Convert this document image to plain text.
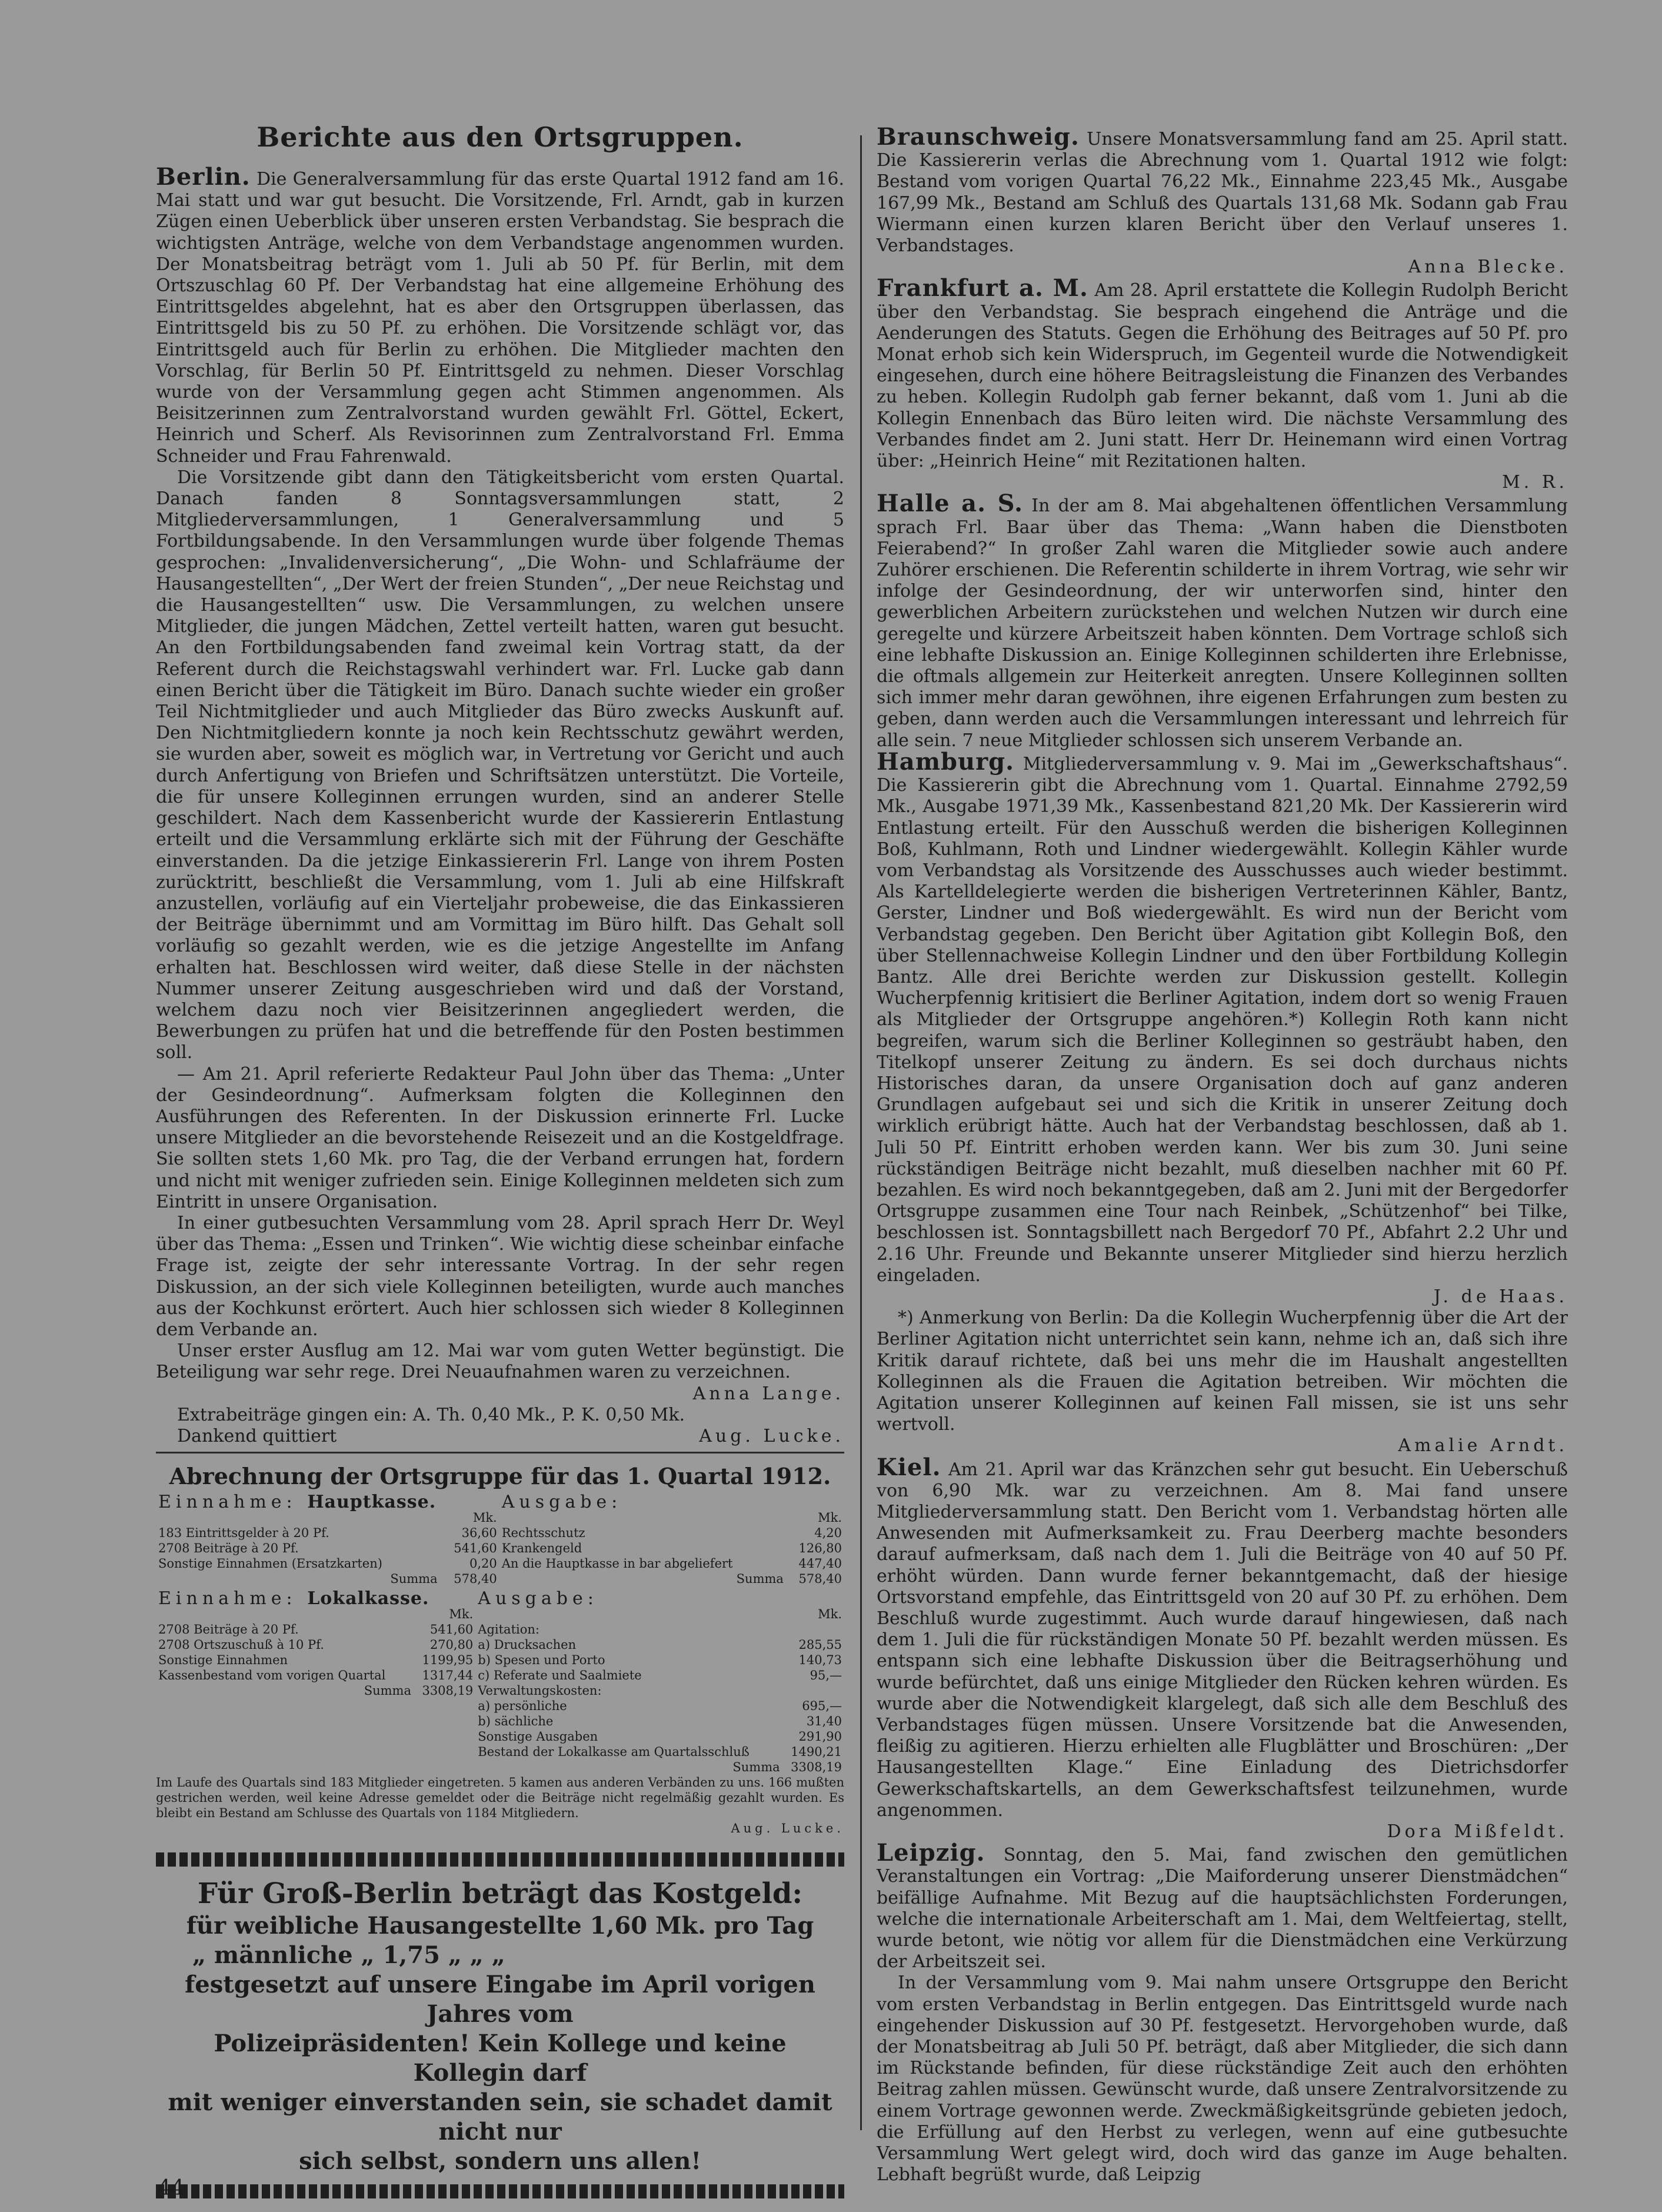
Berichte aus den Ortsgruppen.

Berlin. Die Generalversammlung für das erste Quartal 1912 fand am 16. Mai statt und war gut besucht. Die Vorsitzende, Frl. Arndt, gab in kurzen Zügen einen Ueberblick über unseren ersten Verbandstag. Sie besprach die wichtigsten Anträge, welche von dem Verbandstage angenommen wurden. Der Monatsbeitrag beträgt vom 1. Juli ab 50 Pf. für Berlin, mit dem Ortszuschlag 60 Pf. Der Verbandstag hat eine allgemeine Erhöhung des Eintrittsgeldes abgelehnt, hat es aber den Ortsgruppen überlassen, das Eintrittsgeld bis zu 50 Pf. zu erhöhen. Die Vorsitzende schlägt vor, das Eintrittsgeld auch für Berlin zu erhöhen. Die Mitglieder machten den Vorschlag, für Berlin 50 Pf. Eintrittsgeld zu nehmen. Dieser Vorschlag wurde von der Versammlung gegen acht Stimmen angenommen. Als Beisitzerinnen zum Zentralvorstand wurden gewählt Frl. Göttel, Eckert, Heinrich und Scherf. Als Revisorinnen zum Zentralvorstand Frl. Emma Schneider und Frau Fahrenwald.

Die Vorsitzende gibt dann den Tätigkeitsbericht vom ersten Quartal. Danach fanden 8 Sonntagsversammlungen statt, 2 Mitgliederversammlungen, 1 Generalversammlung und 5 Fortbildungsabende. In den Versammlungen wurde über folgende Themas gesprochen: „Invalidenversicherung“, „Die Wohn- und Schlafräume der Hausangestellten“, „Der Wert der freien Stunden“, „Der neue Reichstag und die Hausangestellten“ usw. Die Versammlungen, zu welchen unsere Mitglieder, die jungen Mädchen, Zettel verteilt hatten, waren gut besucht. An den Fortbildungsabenden fand zweimal kein Vortrag statt, da der Referent durch die Reichstagswahl verhindert war. Frl. Lucke gab dann einen Bericht über die Tätigkeit im Büro. Danach suchte wieder ein großer Teil Nichtmitglieder und auch Mitglieder das Büro zwecks Auskunft auf. Den Nichtmitgliedern konnte ja noch kein Rechtsschutz gewährt werden, sie wurden aber, soweit es möglich war, in Vertretung vor Gericht und auch durch Anfertigung von Briefen und Schriftsätzen unterstützt. Die Vorteile, die für unsere Kolleginnen errungen wurden, sind an anderer Stelle geschildert. Nach dem Kassenbericht wurde der Kassiererin Entlastung erteilt und die Versammlung erklärte sich mit der Führung der Geschäfte einverstanden. Da die jetzige Einkassiererin Frl. Lange von ihrem Posten zurücktritt, beschließt die Versammlung, vom 1. Juli ab eine Hilfskraft anzustellen, vorläufig auf ein Vierteljahr probeweise, die das Einkassieren der Beiträge übernimmt und am Vormittag im Büro hilft. Das Gehalt soll vorläufig so gezahlt werden, wie es die jetzige Angestellte im Anfang erhalten hat. Beschlossen wird weiter, daß diese Stelle in der nächsten Nummer unserer Zeitung ausgeschrieben wird und daß der Vorstand, welchem dazu noch vier Beisitzerinnen angegliedert werden, die Bewerbungen zu prüfen hat und die betreffende für den Posten bestimmen soll.

— Am 21. April referierte Redakteur Paul John über das Thema: „Unter der Gesindeordnung“. Aufmerksam folgten die Kolleginnen den Ausführungen des Referenten. In der Diskussion erinnerte Frl. Lucke unsere Mitglieder an die bevorstehende Reisezeit und an die Kostgeldfrage. Sie sollten stets 1,60 Mk. pro Tag, die der Verband errungen hat, fordern und nicht mit weniger zufrieden sein. Einige Kolleginnen meldeten sich zum Eintritt in unsere Organisation.

In einer gutbesuchten Versammlung vom 28. April sprach Herr Dr. Weyl über das Thema: „Essen und Trinken“. Wie wichtig diese scheinbar einfache Frage ist, zeigte der sehr interessante Vortrag. In der sehr regen Diskussion, an der sich viele Kolleginnen beteiligten, wurde auch manches aus der Kochkunst erörtert. Auch hier schlossen sich wieder 8 Kolleginnen dem Verbande an.

Unser erster Ausflug am 12. Mai war vom guten Wetter begünstigt. Die Beteiligung war sehr rege. Drei Neuaufnahmen waren zu verzeichnen.

Anna Lange.

Extrabeiträge gingen ein: A. Th. 0,40 Mk., P. K. 0,50 Mk.

Dankend quittiert	Aug. Lucke.

Abrechnung der Ortsgruppe für das 1. Quartal 1912.
Einnahme: Hauptkasse.		Ausgabe:	
	Mk.		Mk.
183 Eintrittsgelder à 20 Pf.	36,60	Rechtsschutz	4,20
2708 Beiträge à 20 Pf.	541,60	Krankengeld	126,80
Sonstige Einnahmen (Ersatzkarten)	0,20	An die Hauptkasse in bar abgeliefert	447,40
Summa	578,40	Summa	578,40
Einnahme: Lokalkasse.		Ausgabe:	
	Mk.		Mk.
2708 Beiträge à 20 Pf.	541,60	Agitation:	
2708 Ortszuschuß à 10 Pf.	270,80	a) Drucksachen	285,55
Sonstige Einnahmen	1199,95	b) Spesen und Porto	140,73
Kassenbestand vom vorigen Quartal	1317,44	c) Referate und Saalmiete	95,—
Summa	3308,19	Verwaltungskosten:	
		a) persönliche	695,—
		b) sächliche	31,40
		Sonstige Ausgaben	291,90
		Bestand der Lokalkasse am Quartalsschluß	1490,21
		Summa	3308,19

Im Laufe des Quartals sind 183 Mitglieder eingetreten. 5 kamen aus anderen Verbänden zu uns. 166 mußten gestrichen werden, weil keine Adresse gemeldet oder die Beiträge nicht regelmäßig gezahlt wurden. Es bleibt ein Bestand am Schlusse des Quartals von 1184 Mitgliedern.

Aug. Lucke.

Für Groß-Berlin beträgt das Kostgeld:

für weibliche Hausangestellte 1,60 Mk. pro Tag

„ männliche „ 1,75 „ „ „

festgesetzt auf unsere Eingabe im April vorigen Jahres vom

Polizeipräsidenten! Kein Kollege und keine Kollegin darf

mit weniger einverstanden sein, sie schadet damit nicht nur

sich selbst, sondern uns allen!

Braunschweig. Unsere Monatsversammlung fand am 25. April statt. Die Kassiererin verlas die Abrechnung vom 1. Quartal 1912 wie folgt: Bestand vom vorigen Quartal 76,22 Mk., Einnahme 223,45 Mk., Ausgabe 167,99 Mk., Bestand am Schluß des Quartals 131,68 Mk. Sodann gab Frau Wiermann einen kurzen klaren Bericht über den Verlauf unseres 1. Verbandstages.

Anna Blecke.

Frankfurt a. M. Am 28. April erstattete die Kollegin Rudolph Bericht über den Verbandstag. Sie besprach eingehend die Anträge und die Aenderungen des Statuts. Gegen die Erhöhung des Beitrages auf 50 Pf. pro Monat erhob sich kein Widerspruch, im Gegenteil wurde die Notwendigkeit eingesehen, durch eine höhere Beitragsleistung die Finanzen des Verbandes zu heben. Kollegin Rudolph gab ferner bekannt, daß vom 1. Juni ab die Kollegin Ennenbach das Büro leiten wird. Die nächste Versammlung des Verbandes findet am 2. Juni statt. Herr Dr. Heinemann wird einen Vortrag über: „Heinrich Heine“ mit Rezitationen halten.

M. R.

Halle a. S. In der am 8. Mai abgehaltenen öffentlichen Versammlung sprach Frl. Baar über das Thema: „Wann haben die Dienstboten Feierabend?“ In großer Zahl waren die Mitglieder sowie auch andere Zuhörer erschienen. Die Referentin schilderte in ihrem Vortrag, wie sehr wir infolge der Gesindeordnung, der wir unterworfen sind, hinter den gewerblichen Arbeitern zurückstehen und welchen Nutzen wir durch eine geregelte und kürzere Arbeitszeit haben könnten. Dem Vortrage schloß sich eine lebhafte Diskussion an. Einige Kolleginnen schilderten ihre Erlebnisse, die oftmals allgemein zur Heiterkeit anregten. Unsere Kolleginnen sollten sich immer mehr daran gewöhnen, ihre eigenen Erfahrungen zum besten zu geben, dann werden auch die Versammlungen interessant und lehrreich für alle sein. 7 neue Mitglieder schlossen sich unserem Verbande an.

Hamburg. Mitgliederversammlung v. 9. Mai im „Gewerkschaftshaus“. Die Kassiererin gibt die Abrechnung vom 1. Quartal. Einnahme 2792,59 Mk., Ausgabe 1971,39 Mk., Kassenbestand 821,20 Mk. Der Kassiererin wird Entlastung erteilt. Für den Ausschuß werden die bisherigen Kolleginnen Boß, Kuhlmann, Roth und Lindner wiedergewählt. Kollegin Kähler wurde vom Verbandstag als Vorsitzende des Ausschusses auch wieder bestimmt. Als Kartelldelegierte werden die bisherigen Vertreterinnen Kähler, Bantz, Gerster, Lindner und Boß wiedergewählt. Es wird nun der Bericht vom Verbandstag gegeben. Den Bericht über Agitation gibt Kollegin Boß, den über Stellennachweise Kollegin Lindner und den über Fortbildung Kollegin Bantz. Alle drei Berichte werden zur Diskussion gestellt. Kollegin Wucherpfennig kritisiert die Berliner Agitation, indem dort so wenig Frauen als Mitglieder der Ortsgruppe angehören.*) Kollegin Roth kann nicht begreifen, warum sich die Berliner Kolleginnen so gesträubt haben, den Titelkopf unserer Zeitung zu ändern. Es sei doch durchaus nichts Historisches daran, da unsere Organisation doch auf ganz anderen Grundlagen aufgebaut sei und sich die Kritik in unserer Zeitung doch wirklich erübrigt hätte. Auch hat der Verbandstag beschlossen, daß ab 1. Juli 50 Pf. Eintritt erhoben werden kann. Wer bis zum 30. Juni seine rückständigen Beiträge nicht bezahlt, muß dieselben nachher mit 60 Pf. bezahlen. Es wird noch bekanntgegeben, daß am 2. Juni mit der Bergedorfer Ortsgruppe zusammen eine Tour nach Reinbek, „Schützenhof“ bei Tilke, beschlossen ist. Sonntagsbillett nach Bergedorf 70 Pf., Abfahrt 2.2 Uhr und 2.16 Uhr. Freunde und Bekannte unserer Mitglieder sind hierzu herzlich eingeladen.

J. de Haas.

*) Anmerkung von Berlin: Da die Kollegin Wucherpfennig über die Art der Berliner Agitation nicht unterrichtet sein kann, nehme ich an, daß sich ihre Kritik darauf richtete, daß bei uns mehr die im Haushalt angestellten Kolleginnen als die Frauen die Agitation betreiben. Wir möchten die Agitation unserer Kolleginnen auf keinen Fall missen, sie ist uns sehr wertvoll.

Amalie Arndt.

Kiel. Am 21. April war das Kränzchen sehr gut besucht. Ein Ueberschuß von 6,90 Mk. war zu verzeichnen. Am 8. Mai fand unsere Mitgliederversammlung statt. Den Bericht vom 1. Verbandstag hörten alle Anwesenden mit Aufmerksamkeit zu. Frau Deerberg machte besonders darauf aufmerksam, daß nach dem 1. Juli die Beiträge von 40 auf 50 Pf. erhöht würden. Dann wurde ferner bekanntgemacht, daß der hiesige Ortsvorstand empfehle, das Eintrittsgeld von 20 auf 30 Pf. zu erhöhen. Dem Beschluß wurde zugestimmt. Auch wurde darauf hingewiesen, daß nach dem 1. Juli die für rückständigen Monate 50 Pf. bezahlt werden müssen. Es entspann sich eine lebhafte Diskussion über die Beitragserhöhung und wurde befürchtet, daß uns einige Mitglieder den Rücken kehren würden. Es wurde aber die Notwendigkeit klargelegt, daß sich alle dem Beschluß des Verbandstages fügen müssen. Unsere Vorsitzende bat die Anwesenden, fleißig zu agitieren. Hierzu erhielten alle Flugblätter und Broschüren: „Der Hausangestellten Klage.“ Eine Einladung des Dietrichsdorfer Gewerkschaftskartells, an dem Gewerkschaftsfest teilzunehmen, wurde angenommen.

Dora Mißfeldt.

Leipzig. Sonntag, den 5. Mai, fand zwischen den gemütlichen Veranstaltungen ein Vortrag: „Die Maiforderung unserer Dienstmädchen“ beifällige Aufnahme. Mit Bezug auf die hauptsächlichsten Forderungen, welche die internationale Arbeiterschaft am 1. Mai, dem Weltfeiertag, stellt, wurde betont, wie nötig vor allem für die Dienstmädchen eine Verkürzung der Arbeitszeit sei.

In der Versammlung vom 9. Mai nahm unsere Ortsgruppe den Bericht vom ersten Verbandstag in Berlin entgegen. Das Eintrittsgeld wurde nach eingehender Diskussion auf 30 Pf. festgesetzt. Hervorgehoben wurde, daß der Monatsbeitrag ab Juli 50 Pf. beträgt, daß aber Mitglieder, die sich dann im Rückstande befinden, für diese rückständige Zeit auch den erhöhten Beitrag zahlen müssen. Gewünscht wurde, daß unsere Zentralvorsitzende zu einem Vortrage gewonnen werde. Zweckmäßigkeitsgründe gebieten jedoch, die Erfüllung auf den Herbst zu verlegen, wenn auf eine gutbesuchte Versammlung Wert gelegt wird, doch wird das ganze im Auge behalten. Lebhaft begrüßt wurde, daß Leipzig

44
